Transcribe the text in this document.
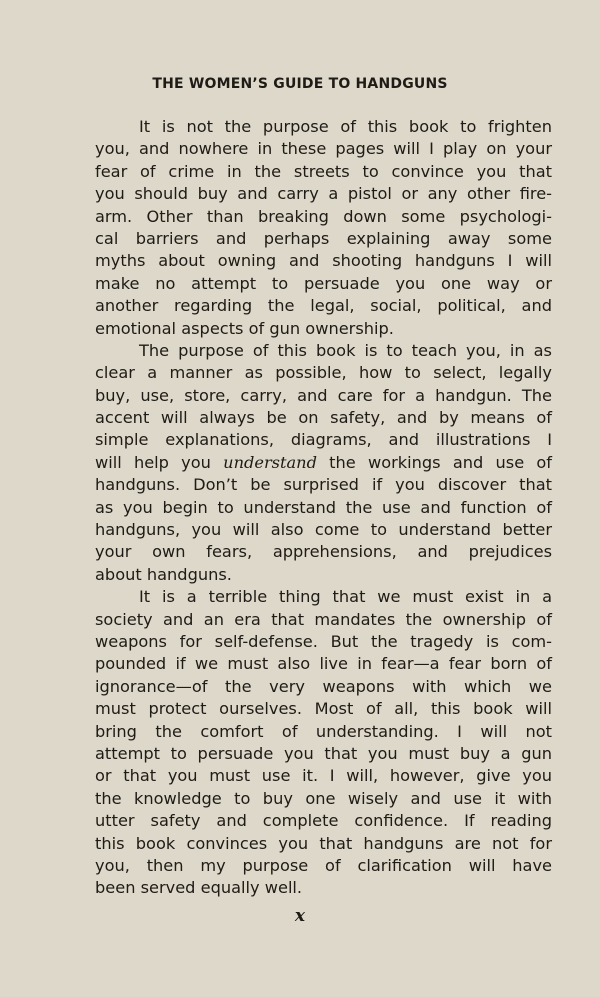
THE WOMEN’S GUIDE TO HANDGUNS

It is not the purpose of this book to frighten
you, and nowhere in these pages will I play on your
fear of crime in the streets to convince you that
you should buy and carry a pistol or any other fire-
arm. Other than breaking down some psychologi-
cal barriers and perhaps explaining away some
myths about owning and shooting handguns I will
make no attempt to persuade you one way or
another regarding the legal, social, political, and
emotional aspects of gun ownership.

The purpose of this book is to teach you, in as
clear a manner as possible, how to select, legally
buy, use, store, carry, and care for a handgun. The
accent will always be on safety, and by means of
simple explanations, diagrams, and illustrations I
will help you understand the workings and use of
handguns. Don’t be surprised if you discover that
as you begin to understand the use and function of
handguns, you will also come to understand better
your own fears, apprehensions, and prejudices
about handguns.

It is a terrible thing that we must exist in a
society and an era that mandates the ownership of
weapons for self-defense. But the tragedy is com-
pounded if we must also live in fear—a fear born of
ignorance—of the very weapons with which we
must protect ourselves. Most of all, this book will
bring the comfort of understanding. I will not
attempt to persuade you that you must buy a gun
or that you must use it. I will, however, give you
the knowledge to buy one wisely and use it with
utter safety and complete confidence. If reading
this book convinces you that handguns are not for
you, then my purpose of clarification will have
been served equally well.

x
